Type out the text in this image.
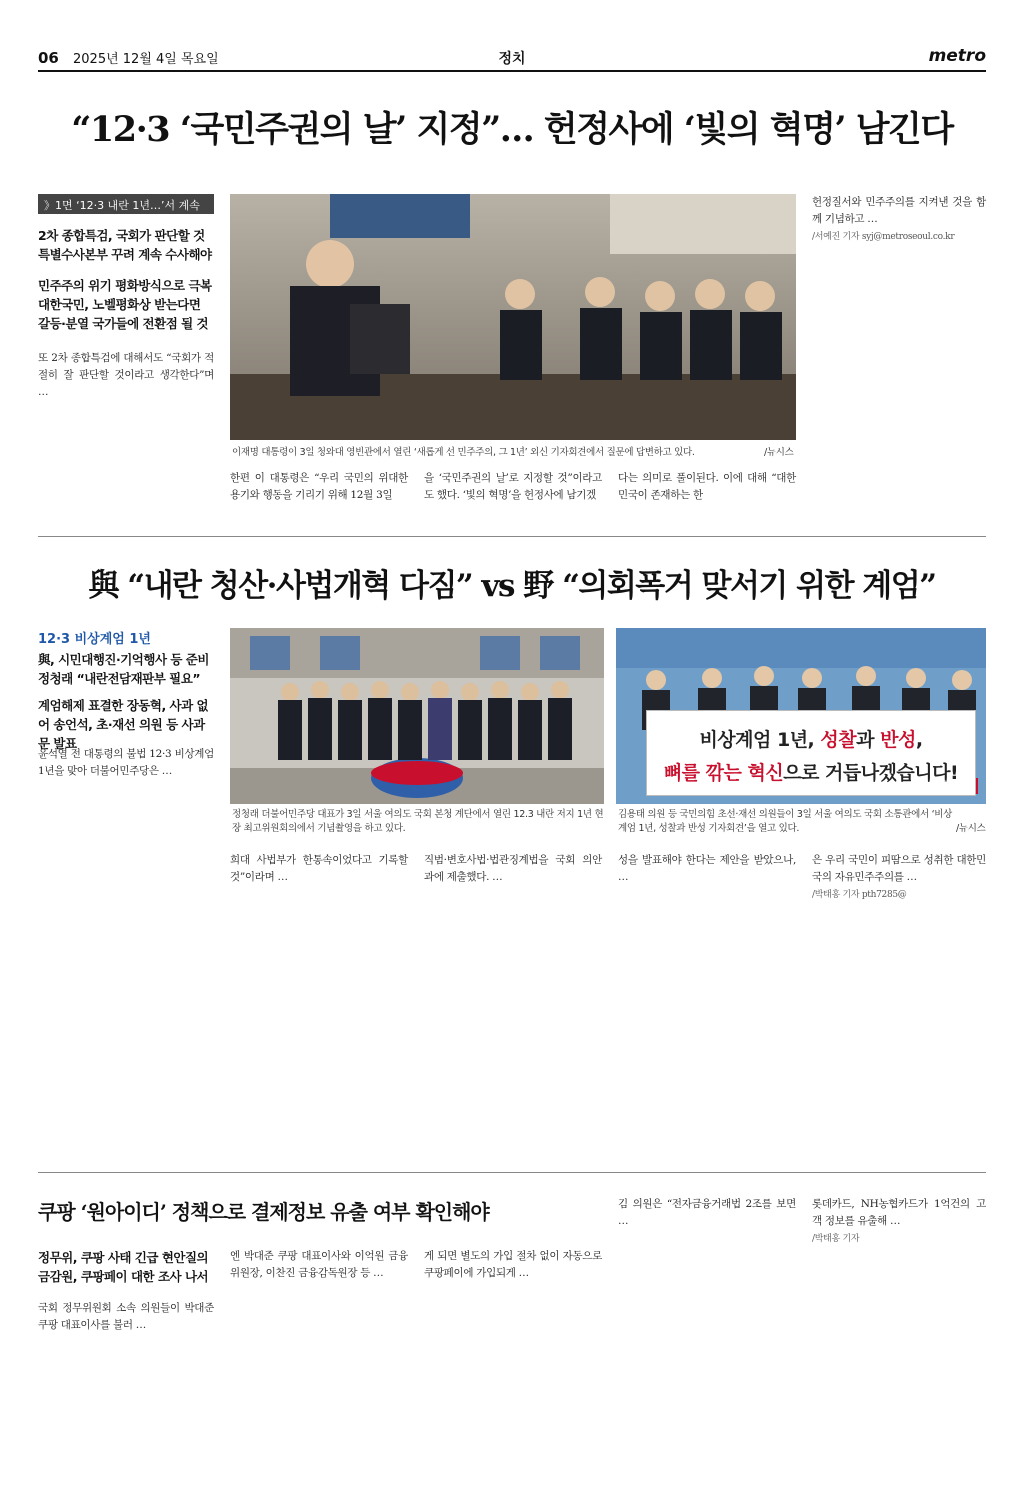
06 2025년 12월 4일 목요일	정치	metro
“12·3 ‘국민주권의 날’ 지정”… 헌정사에 ‘빛의 혁명’ 남긴다
》1면 ‘12·3 내란 1년…’서 계속
2차 종합특검, 국회가 판단할 것 특별수사본부 꾸려 계속 수사해야
민주주의 위기 평화방식으로 극복 대한국민, 노벨평화상 받는다면 갈등·분열 국가들에 전환점 될 것
또 2차 종합특검에 대해서도 “국회가 적절히 잘 판단할 것이라고 생각한다”며 …
이재명 대통령이 3일 청와대 영빈관에서 열린 ‘새롭게 선 민주주의, 그 1년’ 외신 기자회견에서 질문에 답변하고 있다.	/뉴시스
한편 이 대통령은 “우리 국민의 위대한 용기와 행동을 기리기 위해 12월 3일
을 ‘국민주권의 날’로 지정할 것”이라고 도 했다. ‘빛의 혁명’을 헌정사에 남기겠
다는 의미로 풀이된다. 이에 대해 “대한민국이 존재하는 한
헌정질서와 민주주의를 지켜낸 것을 함께 기념하고 …
/서예진 기자 syj@metroseoul.co.kr
與 “내란 청산·사법개혁 다짐” vs 野 “의회폭거 맞서기 위한 계엄”
12·3 비상계엄 1년
與, 시민대행진·기억행사 등 준비 정청래 “내란전담재판부 필요”
계엄해제 표결한 장동혁, 사과 없어 송언석, 초·재선 의원 등 사과문 발표
윤석열 전 대통령의 불법 12·3 비상계엄 1년을 맞아 더불어민주당은 …
정청래 더불어민주당 대표가 3일 서울 여의도 국회 본청 계단에서 열린 12.3 내란 저지 1년 현장 최고위원회의에서 기념촬영을 하고 있다.
비상계엄 1년, 성찰과 반성,
뼈를 깎는 혁신으로 거듭나겠습니다!
국민의힘
김용태 의원 등 국민의힘 초선·재선 의원들이 3일 서울 여의도 국회 소통관에서 ‘비상계엄 1년, 성찰과 반성 기자회견’을 열고 있다.	/뉴시스
희대 사법부가 한통속이었다고 기록할 것”이라며 …
직범·변호사법·법관징계법을 국회 의안과에 제출했다. …
성을 발표해야 한다는 제안을 받았으나, …
은 우리 국민이 피땀으로 성취한 대한민국의 자유민주주의를 …
/박태홍 기자 pth7285@
쿠팡 ‘원아이디’ 정책으로 결제정보 유출 여부 확인해야
정무위, 쿠팡 사태 긴급 현안질의 금감원, 쿠팡페이 대한 조사 나서
국회 정무위원회 소속 의원들이 박대준 쿠팡 대표이사를 불러 …
엔 박대준 쿠팡 대표이사와 이억원 금융위원장, 이찬진 금융감독원장 등 …
게 되면 별도의 가입 절차 없이 자동으로 쿠팡페이에 가입되게 …
김 의원은 “전자금융거래법 2조를 보면 …
롯데카드, NH농협카드가 1억건의 고객 정보를 유출해 …
/박태홍 기자
